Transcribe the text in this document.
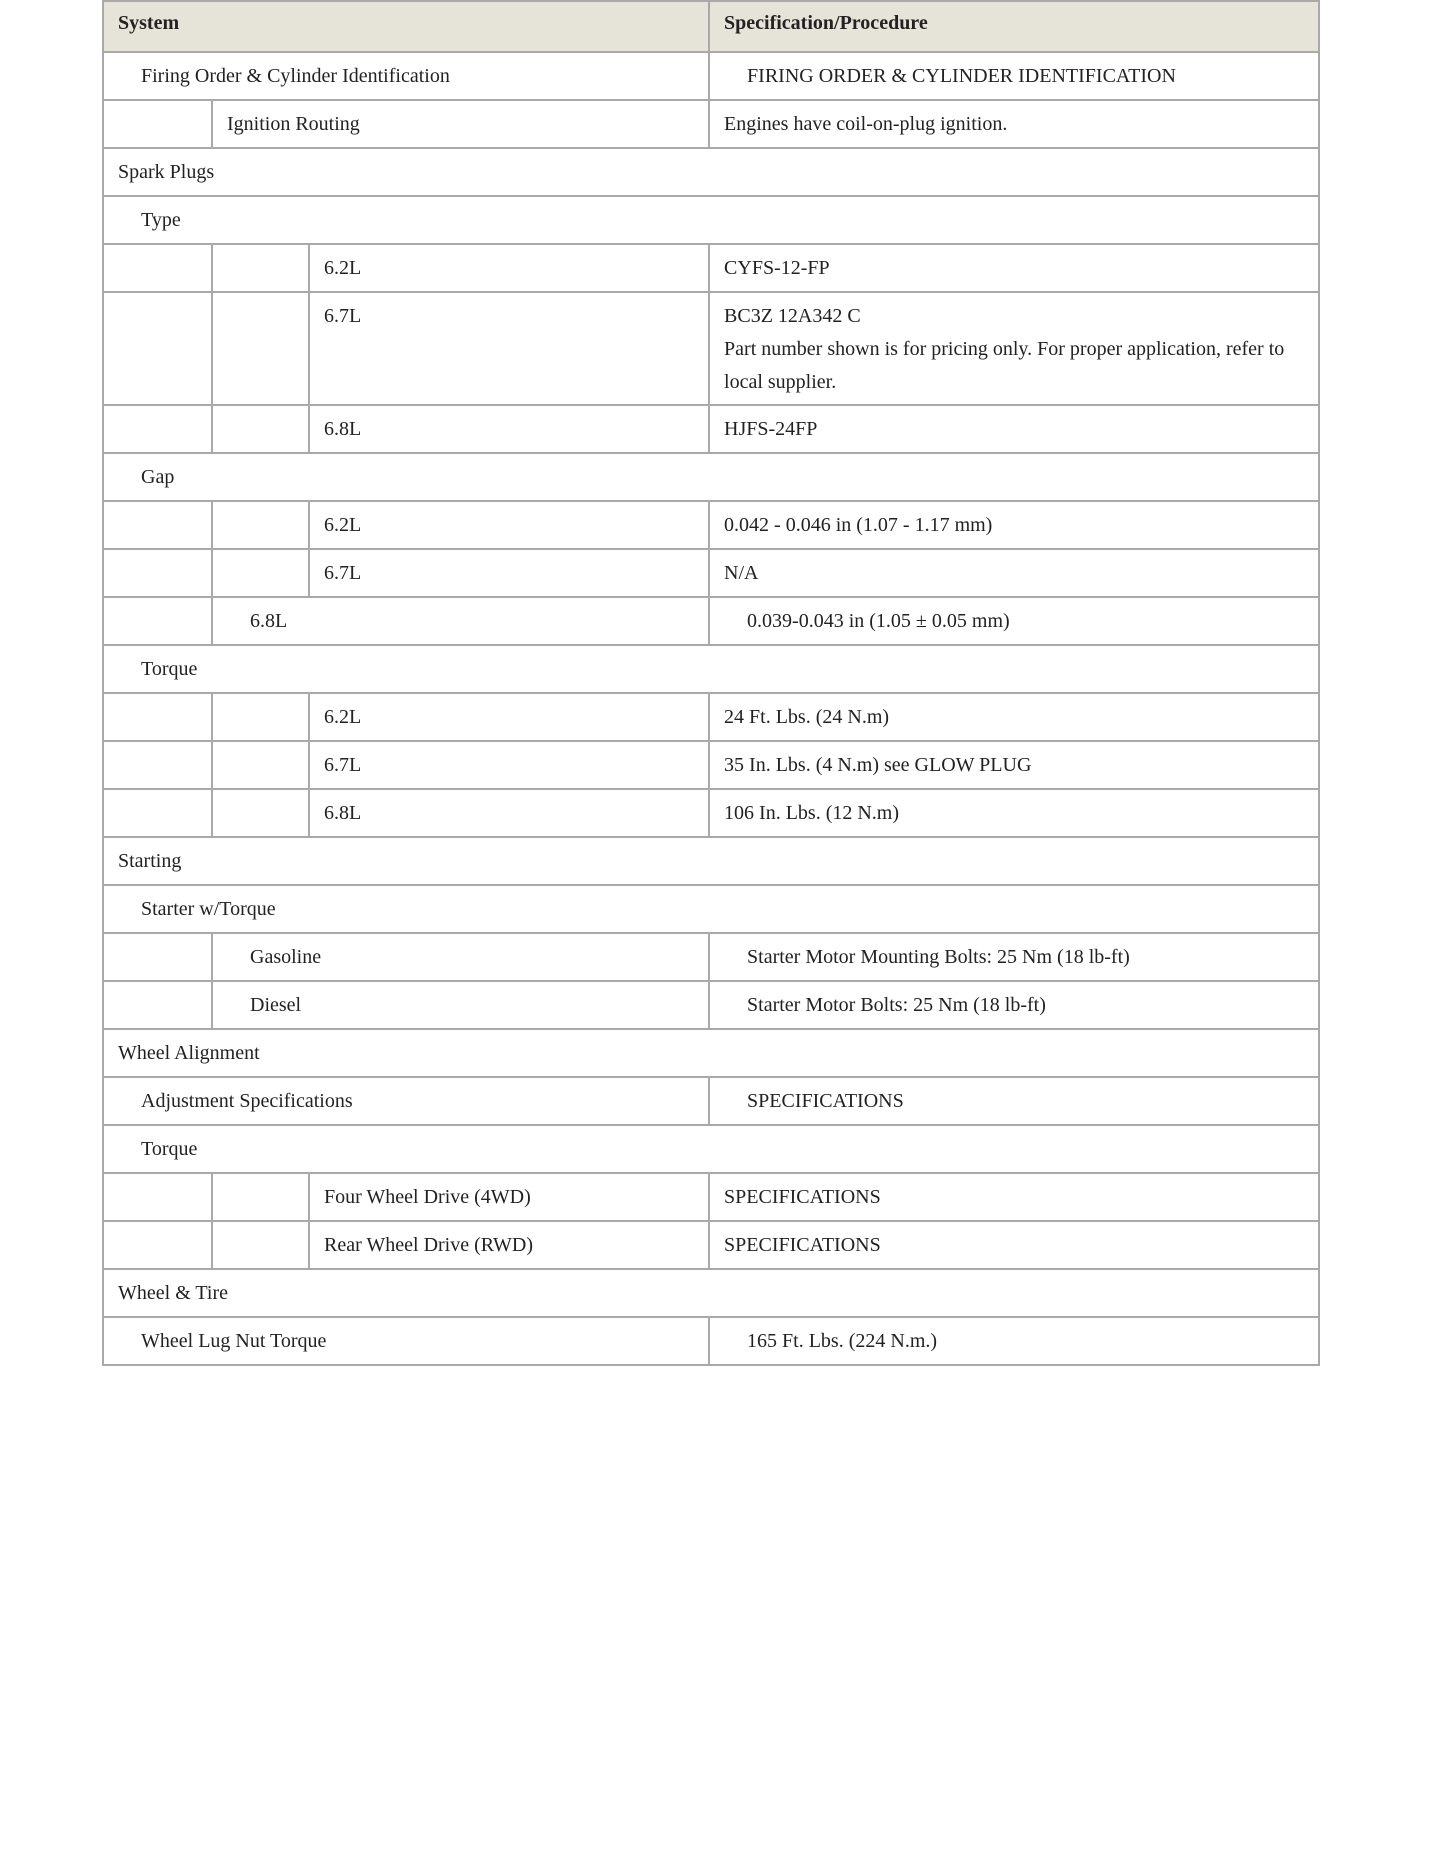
System			Specification/Procedure
Firing Order & Cylinder Identification			FIRING ORDER & CYLINDER IDENTIFICATION
	Ignition Routing		Engines have coil-on-plug ignition.
Spark Plugs			
Type			
		6.2L	CYFS-12-FP
		6.7L	BC3Z 12A342 C
Part number shown is for pricing only. For proper application, refer to local supplier.

		6.8L	HJFS-24FP
Gap			
		6.2L	0.042 - 0.046 in (1.07 - 1.17 mm)
		6.7L	N/A
	6.8L		0.039-0.043 in (1.05 ± 0.05 mm)
Torque			
		6.2L	24 Ft. Lbs. (24 N.m)
		6.7L	35 In. Lbs. (4 N.m) see GLOW PLUG
		6.8L	106 In. Lbs. (12 N.m)
Starting			
Starter w/Torque			
	Gasoline		Starter Motor Mounting Bolts: 25 Nm (18 lb-ft)
	Diesel		Starter Motor Bolts: 25 Nm (18 lb-ft)
Wheel Alignment			
Adjustment Specifications			SPECIFICATIONS
Torque			
		Four Wheel Drive (4WD)	SPECIFICATIONS
		Rear Wheel Drive (RWD)	SPECIFICATIONS
Wheel & Tire			
Wheel Lug Nut Torque			165 Ft. Lbs. (224 N.m.)
